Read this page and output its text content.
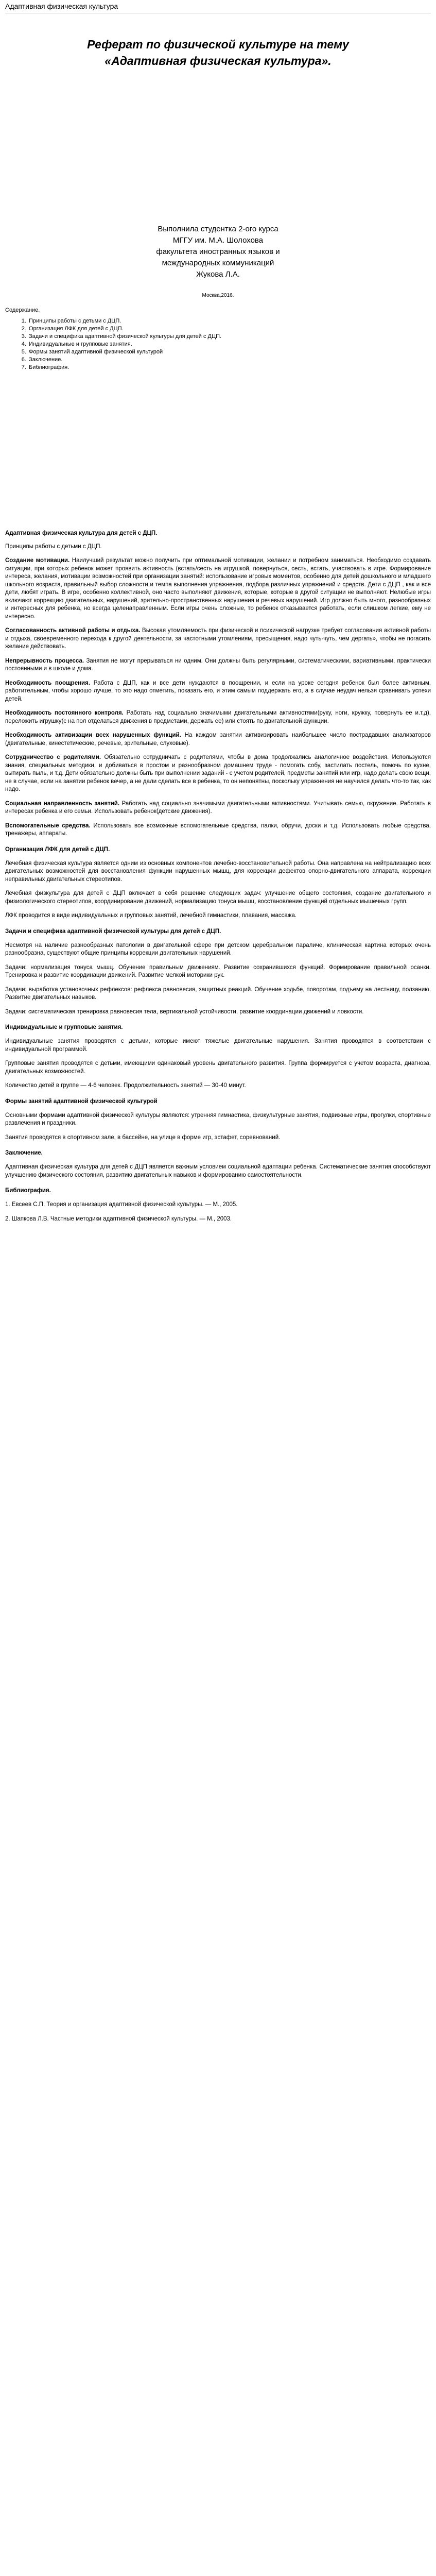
Адаптивная физическая культура
Реферат по физической культуре на тему
«Адаптивная физическая культура».
Выполнила студентка 2-ого курса
МГГУ им. М.А. Шолохова
факультета иностранных языков и
международных коммуникаций
Жукова Л.А.
Москва,2016.
Содержание.
1. Принципы работы с детьми с ДЦП.
2. Организация ЛФК для детей с ДЦП.
3. Задачи и специфика адаптивной физической культуры для детей с ДЦП.
4. Индивидуальные и групповые занятия.
5. Формы занятий адаптивной физической культурой
6. Заключение.
7. Библиография.
Адаптивная физическая культура для детей с ДЦП.
Принципы работы с детьми с ДЦП.

Создание мотивации. Наилучший результат можно получить при оптимальной мотивации, желании и потребном заниматься. Необходимо создавать ситуации, при которых ребенок может проявить активность (встать/сесть на игрушкой, повернуться, сесть, встать, участвовать в игре. Формирование интереса, желания, мотивации возможностей при организации занятий: использование игровых моментов, особенно для детей дошкольного и младшего школьного возраста, правильный выбор сложности и темпа выполнения упражнения, подбора различных упражнений и средств. Дети с ДЦП , как и все дети, любят играть. В игре, особенно коллективной, оно часто выполняют движения, которые, которые в другой ситуации не выполняют. Нелюбые игры включают коррекцию двигательных, нарушений, зрительно-пространственных нарушения и речевых нарушений. Игр должно быть много, разнообразных и интересных для ребенка, но всегда целенаправленным. Если игры очень сложные, то ребенок отказывается работать, если слишком легкие, ему не интересно.

Согласованность активной работы и отдыха. Высокая утомляемость при физической и психической нагрузке требует согласования активной работы и отдыха, своевременного перехода к другой деятельности, за частотными утомлениям, пресыщения, надо чуть-чуть, чем дергать», чтобы не погасить желание действовать.

Непрерывность процесса. Занятия не могут прерываться ни одним. Они должны быть регулярными, систематическими, вариативными, практически постоянными и в школе и дома.

Необходимость поощрения. Работа с ДЦП, как и все дети нуждаются в поощрении, и если на уроке сегодня ребенок был более активным, работительным, чтобы хорошо лучше, то это надо отметить, показать его, и этим самым поддержать его, а в случае неудач нельзя сравнивать успехи детей.

Необходимость постоянного контроля. Работать над социально значимыми двигательными активностями(руку, ноги, кружку, повернуть ее и.т.д), переложить игрушку(с на пол отделаться движения в предметами, держать ее) или стоять по двигательной функции.

Необходимость активизации всех нарушенных функций. На каждом занятии активизировать наибольшее число пострадавших анализаторов (двигательные, кинестетические, речевые, зрительные, слуховые).

Сотрудничество с родителями. Обязательно сотрудничать с родителями, чтобы в дома продолжались аналогичное воздействия. Используются знания, специальных методики, и добиваться в простом и разнообразном домашнем труде - помогать собу, застилать постель, помочь по кухне, вытирать пыль, и т.д. Дети обязательно должны быть при выполнении заданий - с учетом родителей, предметы занятий или игр, надо делать свою вещи, не в случае, если на занятии ребенок вечер, а не дали сделать все в ребенка, то он непонятны, поскольку упражнения не научился делать что-то так, как надо.

Социальная направленность занятий. Работать над социально значимыми двигательными активностями. Учитывать семью, окружение. Работать в интересах ребенка и его семьи. Использовать ребенок(детские движения).

Вспомогательные средства. Использовать все возможные вспомогательные средства, палки, обручи, доски и т.д. Использовать любые средства, тренажеры, аппараты.

Организация ЛФК для детей с ДЦП.

Лечебная физическая культура является одним из основных компонентов лечебно-восстановительной работы. Она направлена на нейтрализацию всех двигательных возможностей для восстановления функции нарушенных мышц, для коррекции дефектов опорно-двигательного аппарата, коррекции неправильных двигательных стереотипов.

Лечебная физкультура для детей с ДЦП включает в себя решение следующих задач: улучшение общего состояния, создание двигательного и физиологического стереотипов, координирование движений, нормализацию тонуса мышц, восстановление функций отдельных мышечных групп.

ЛФК проводится в виде индивидуальных и групповых занятий, лечебной гимнастики, плавания, массажа.

Задачи и специфика адаптивной физической культуры для детей с ДЦП.

Несмотря на наличие разнообразных патологии в двигательной сфере при детском церебральном параличе, клиническая картина которых очень разнообразна, существуют общие принципы коррекции двигательных нарушений.

Задачи: нормализация тонуса мышц. Обучение правильным движениям. Развитие сохранившихся функций. Формирование правильной осанки. Тренировка и развитие координации движений. Развитие мелкой моторики рук.

Задачи: выработка установочных рефлексов: рефлекса равновесия, защитных реакций. Обучение ходьбе, поворотам, подъему на лестницу, ползанию. Развитие двигательных навыков.

Задачи: систематическая тренировка равновесия тела, вертикальной устойчивости, развитие координации движений и ловкости.

Индивидуальные и групповые занятия.

Индивидуальные занятия проводятся с детьми, которые имеют тяжелые двигательные нарушения. Занятия проводятся в соответствии с индивидуальной программой.

Групповые занятия проводятся с детьми, имеющими одинаковый уровень двигательного развития. Группа формируется с учетом возраста, диагноза, двигательных возможностей.

Количество детей в группе — 4-6 человек. Продолжительность занятий — 30-40 минут.

Формы занятий адаптивной физической культурой

Основными формами адаптивной физической культуры являются: утренняя гимнастика, физкультурные занятия, подвижные игры, прогулки, спортивные развлечения и праздники.

Занятия проводятся в спортивном зале, в бассейне, на улице в форме игр, эстафет, соревнований.

Заключение.

Адаптивная физическая культура для детей с ДЦП является важным условием социальной адаптации ребенка. Систематические занятия способствуют улучшению физического состояния, развитию двигательных навыков и формированию самостоятельности.

Библиография.

1. Евсеев С.П. Теория и организация адаптивной физической культуры. — М., 2005.

2. Шапкова Л.В. Частные методики адаптивной физической культуры. — М., 2003.
